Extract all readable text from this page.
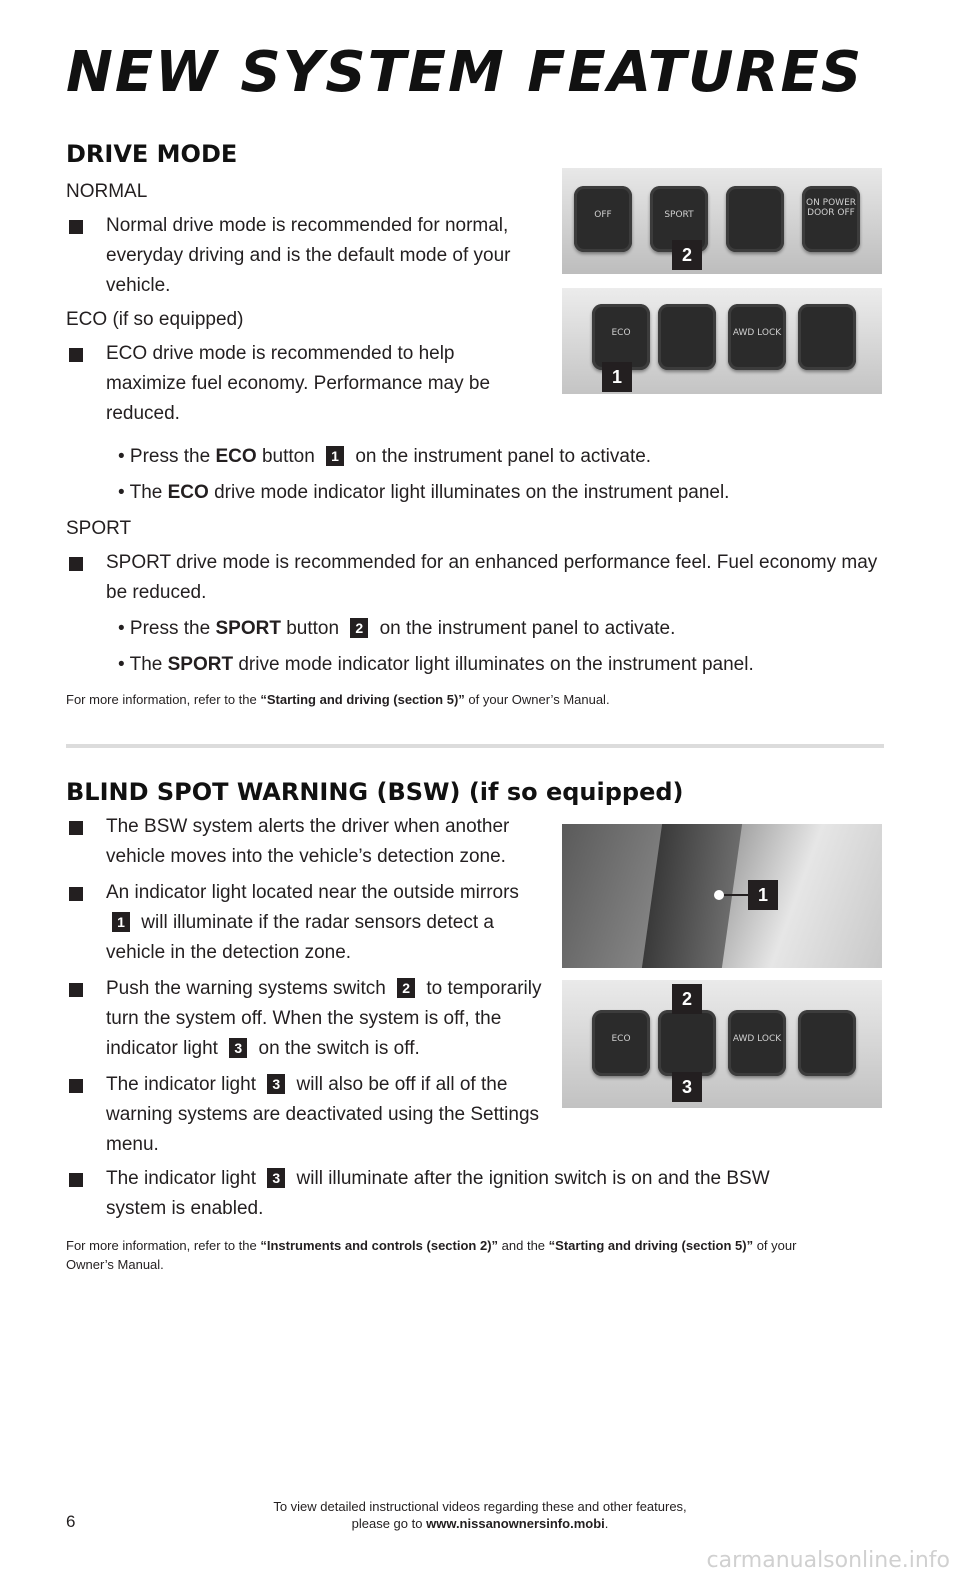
NEW SYSTEM FEATURES
DRIVE MODE
NORMAL
Normal drive mode is recommended for normal, everyday driving and is the default mode of your vehicle.
ECO (if so equipped)
ECO drive mode is recommended to help maximize fuel economy. Performance may be reduced.
• Press the ECO button 1 on the instrument panel to activate.
• The ECO drive mode indicator light illuminates on the instrument panel.
SPORT
SPORT drive mode is recommended for an enhanced performance feel. Fuel economy may be reduced.
• Press the SPORT button 2 on the instrument panel to activate.
• The SPORT drive mode indicator light illuminates on the instrument panel.
For more information, refer to the “Starting and driving (section 5)” of your Owner’s Manual.
OFF	SPORT
ON POWER DOOR OFF
2
ECO	AWD LOCK
1
BLIND SPOT WARNING (BSW) (if so equipped)
The BSW system alerts the driver when another vehicle moves into the vehicle’s detection zone.
An indicator light located near the outside mirrors 1 will illuminate if the radar sensors detect a vehicle in the detection zone.
Push the warning systems switch 2 to temporarily turn the system off. When the system is off, the indicator light 3 on the switch is off.
The indicator light 3 will also be off if all of the warning systems are deactivated using the Settings menu.
The indicator light 3 will illuminate after the ignition switch is on and the BSW system is enabled.
For more information, refer to the “Instruments and controls (section 2)” and the “Starting and driving (section 5)” of your Owner’s Manual.
1
ECO	AWD LOCK
2
3
6
To view detailed instructional videos regarding these and other features,
please go to www.nissanownersinfo.mobi.
carmanualsonline.info
